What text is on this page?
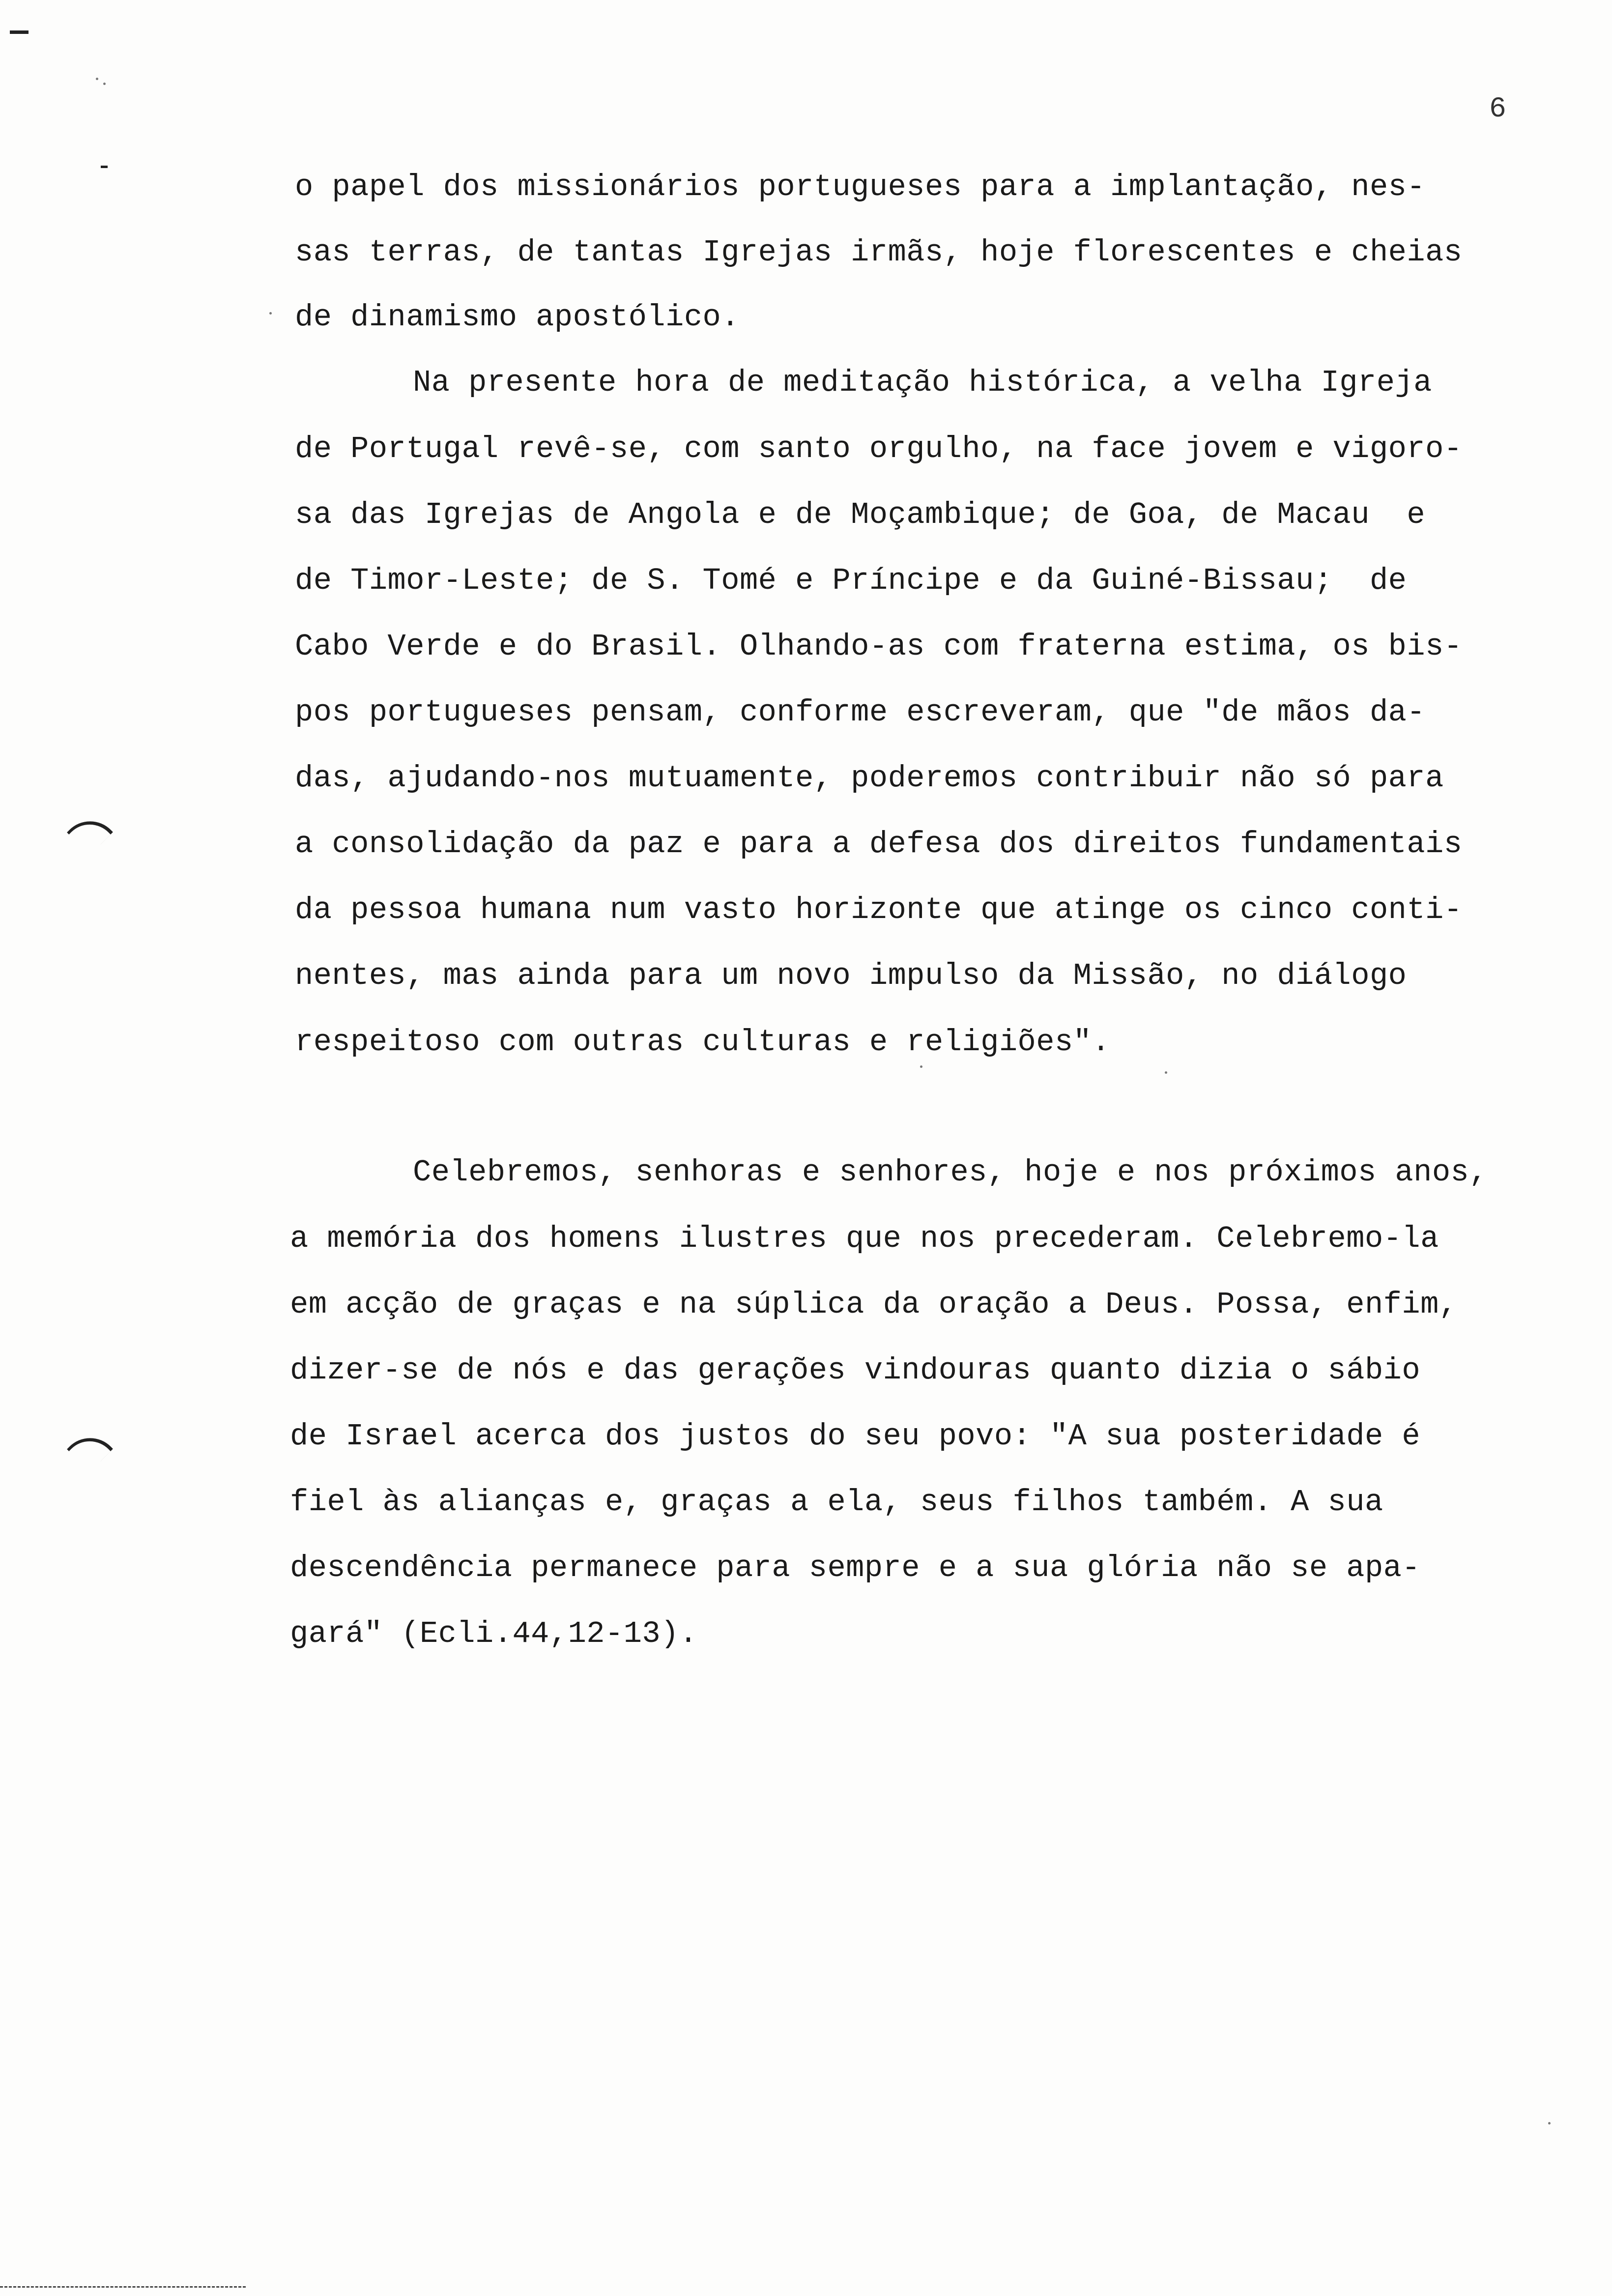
6
o papel dos missionários portugueses para a implantação, nes-
sas terras, de tantas Igrejas irmãs, hoje florescentes e cheias
de dinamismo apostólico.
Na presente hora de meditação histórica, a velha Igreja
de Portugal revê-se, com santo orgulho, na face jovem e vigoro-
sa das Igrejas de Angola e de Moçambique; de Goa, de Macau  e
de Timor-Leste; de S. Tomé e Príncipe e da Guiné-Bissau;  de
Cabo Verde e do Brasil. Olhando-as com fraterna estima, os bis-
pos portugueses pensam, conforme escreveram, que "de mãos da-
das, ajudando-nos mutuamente, poderemos contribuir não só para
a consolidação da paz e para a defesa dos direitos fundamentais
da pessoa humana num vasto horizonte que atinge os cinco conti-
nentes, mas ainda para um novo impulso da Missão, no diálogo
respeitoso com outras culturas e religiões".
Celebremos, senhoras e senhores, hoje e nos próximos anos,
a memória dos homens ilustres que nos precederam. Celebremo-la
em acção de graças e na súplica da oração a Deus. Possa, enfim,
dizer-se de nós e das gerações vindouras quanto dizia o sábio
de Israel acerca dos justos do seu povo: "A sua posteridade é
fiel às alianças e, graças a ela, seus filhos também. A sua
descendência permanece para sempre e a sua glória não se apa-
gará" (Ecli.44,12-13).
